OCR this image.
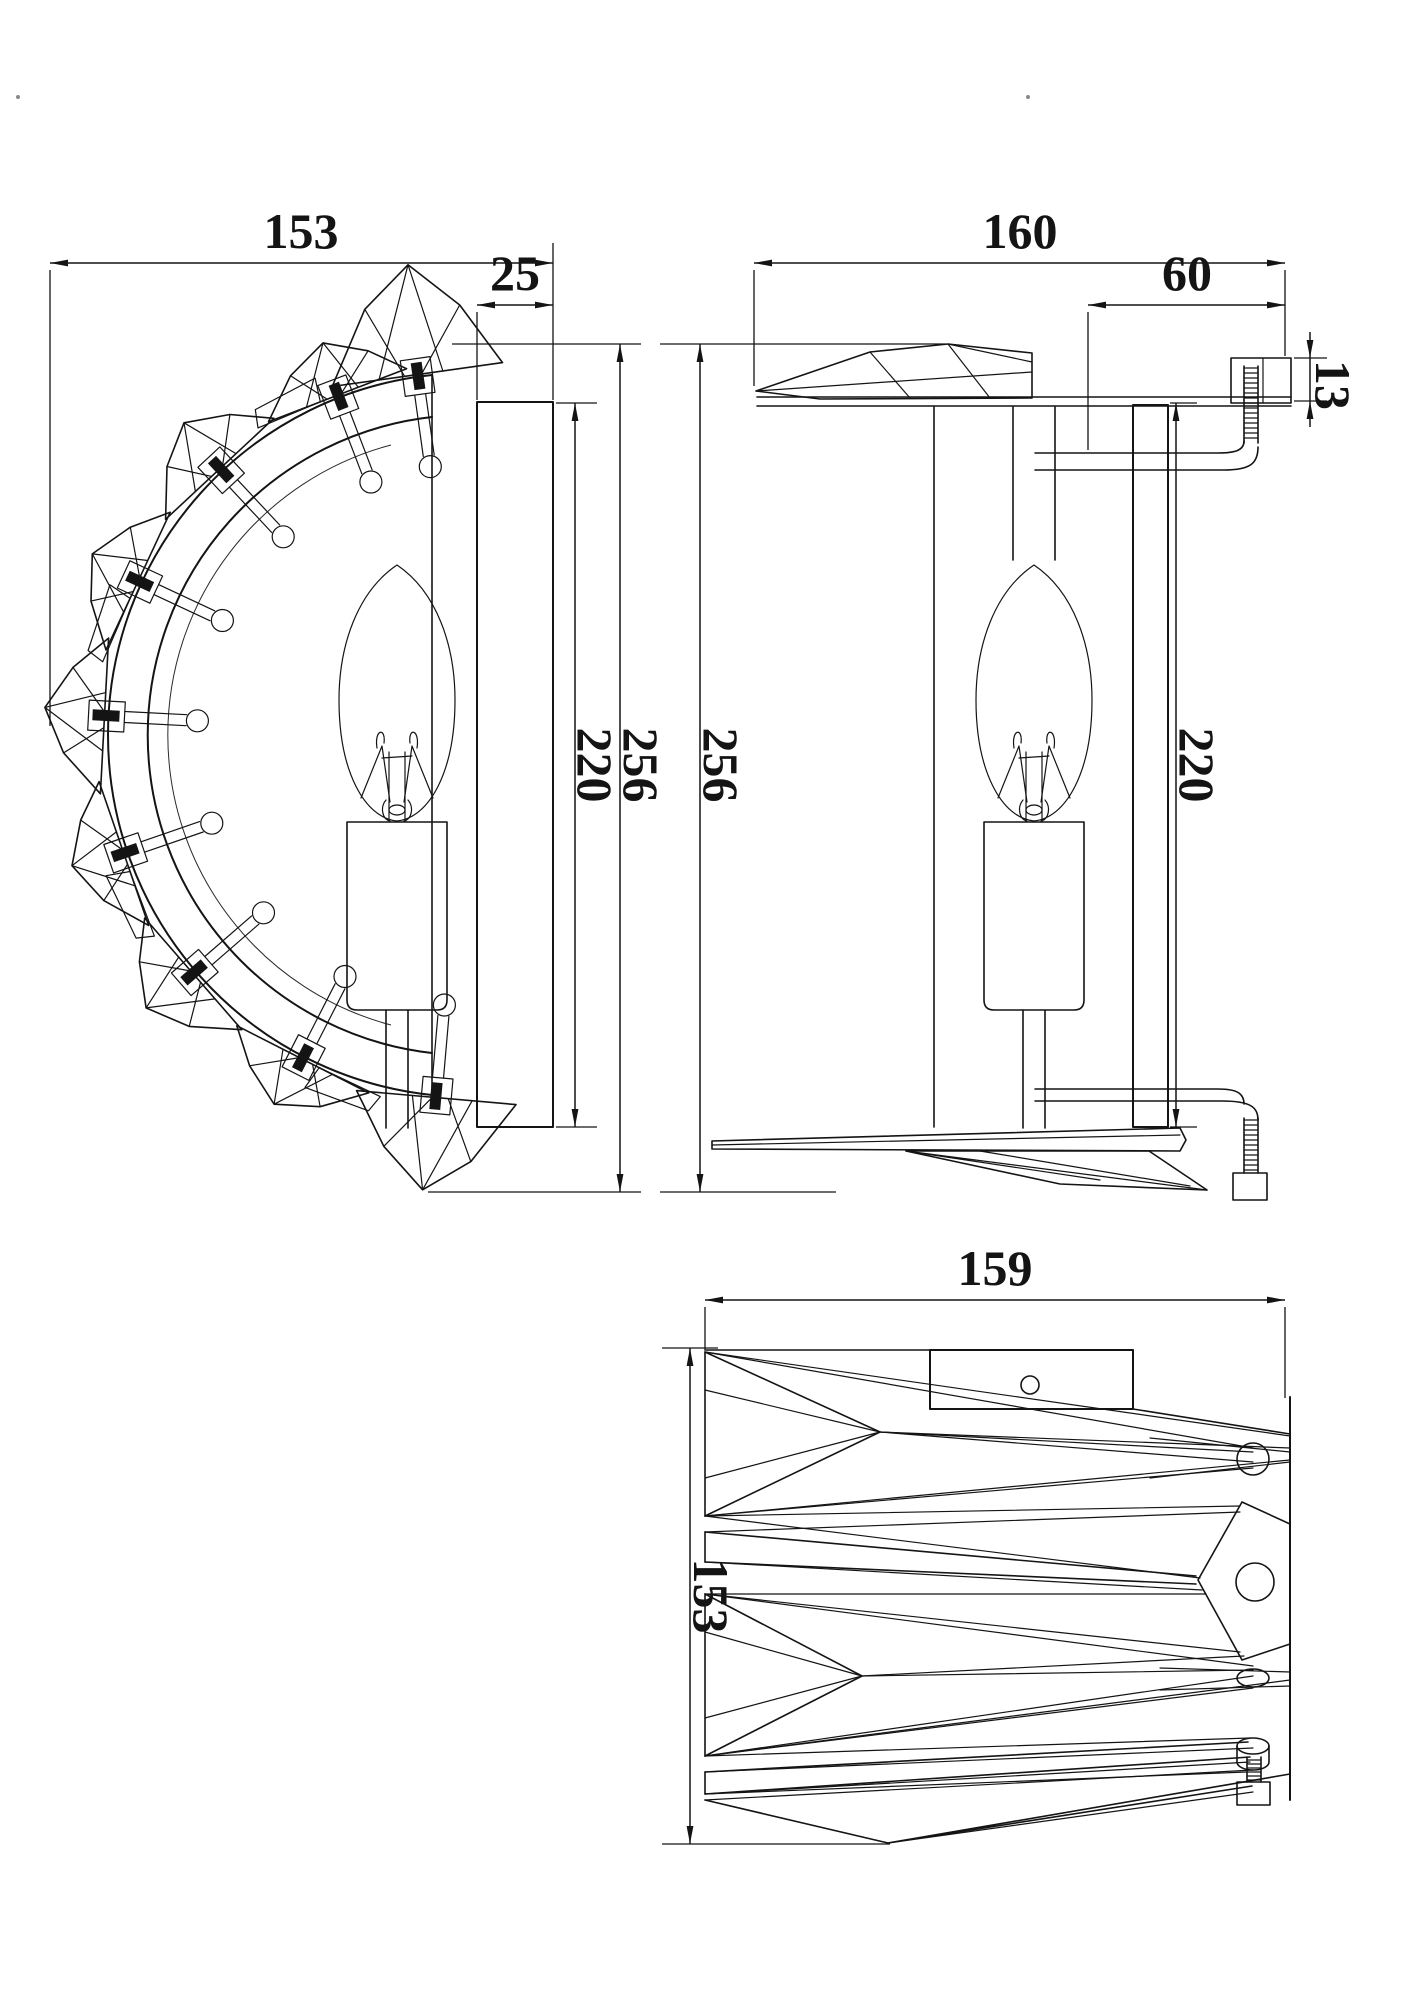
153
25
220
256
160
60
13
256	220
159
153
